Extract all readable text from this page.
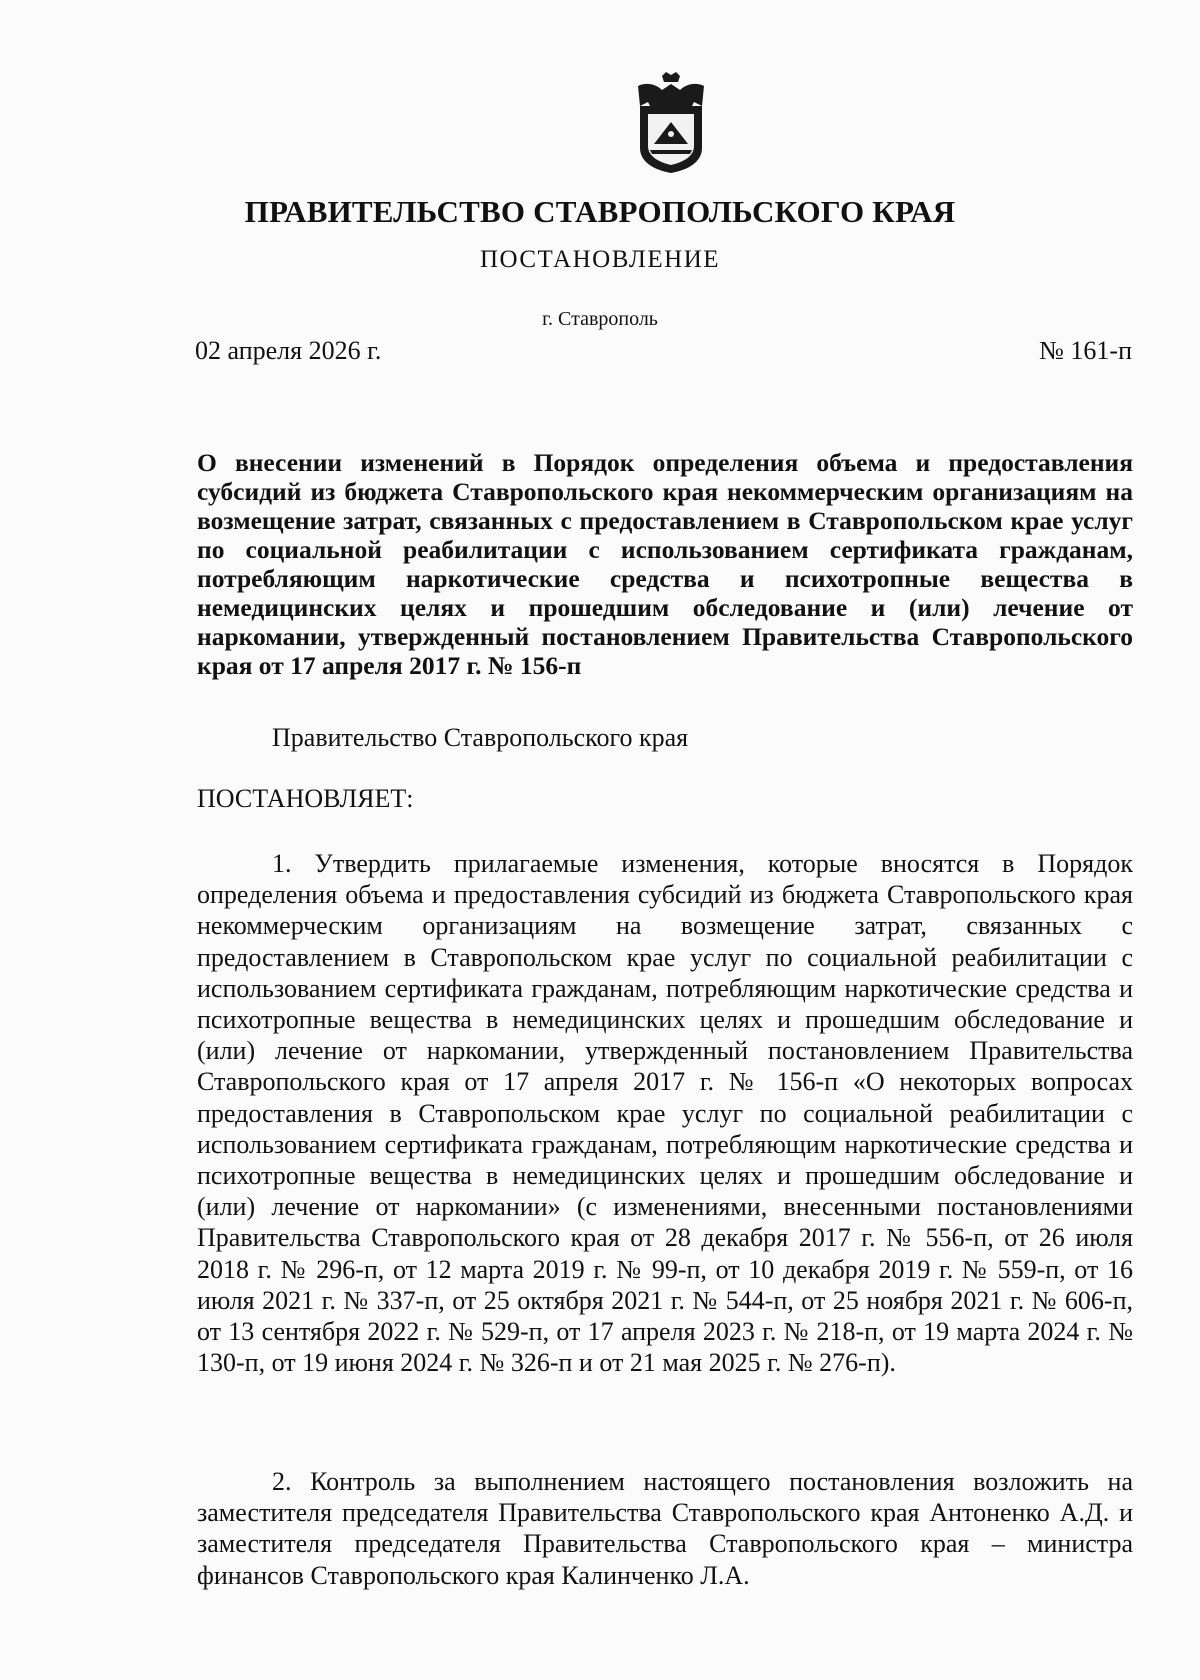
ПРАВИТЕЛЬСТВО СТАВРОПОЛЬСКОГО КРАЯ
ПОСТАНОВЛЕНИЕ
г. Ставрополь
02 апреля 2026 г.	№ 161-п
О внесении изменений в Порядок определения объема и предоставления субсидий из бюджета Ставропольского края некоммерческим организациям на возмещение затрат, связанных с предоставлением в Ставропольском крае услуг по социальной реабилитации с использованием сертификата гражданам, потребляющим наркотические средства и психотропные вещества в немедицинских целях и прошедшим обследование и (или) лечение от наркомании, утвержденный постановлением Правительства Ставропольского края от 17 апреля 2017 г. № 156-п
Правительство Ставропольского края
ПОСТАНОВЛЯЕТ:
1. Утвердить прилагаемые изменения, которые вносятся в Порядок определения объема и предоставления субсидий из бюджета Ставропольского края некоммерческим организациям на возмещение затрат, связанных с предоставлением в Ставропольском крае услуг по социальной реабилитации с использованием сертификата гражданам, потребляющим наркотические средства и психотропные вещества в немедицинских целях и прошедшим обследование и (или) лечение от наркомании, утвержденный постановлением Правительства Ставропольского края от 17 апреля 2017 г. № 156-п «О некоторых вопросах предоставления в Ставропольском крае услуг по социальной реабилитации с использованием сертификата гражданам, потребляющим наркотические средства и психотропные вещества в немедицинских целях и прошедшим обследование и (или) лечение от наркомании» (с изменениями, внесенными постановлениями Правительства Ставропольского края от 28 декабря 2017 г. № 556-п, от 26 июля 2018 г. № 296-п, от 12 марта 2019 г. № 99-п, от 10 декабря 2019 г. № 559-п, от 16 июля 2021 г. № 337-п, от 25 октября 2021 г. № 544-п, от 25 ноября 2021 г. № 606-п, от 13 сентября 2022 г. № 529-п, от 17 апреля 2023 г. № 218-п, от 19 марта 2024 г. № 130-п, от 19 июня 2024 г. № 326-п и от 21 мая 2025 г. № 276-п).
2. Контроль за выполнением настоящего постановления возложить на заместителя председателя Правительства Ставропольского края Антоненко А.Д. и заместителя председателя Правительства Ставропольского края – министра финансов Ставропольского края Калинченко Л.А.
